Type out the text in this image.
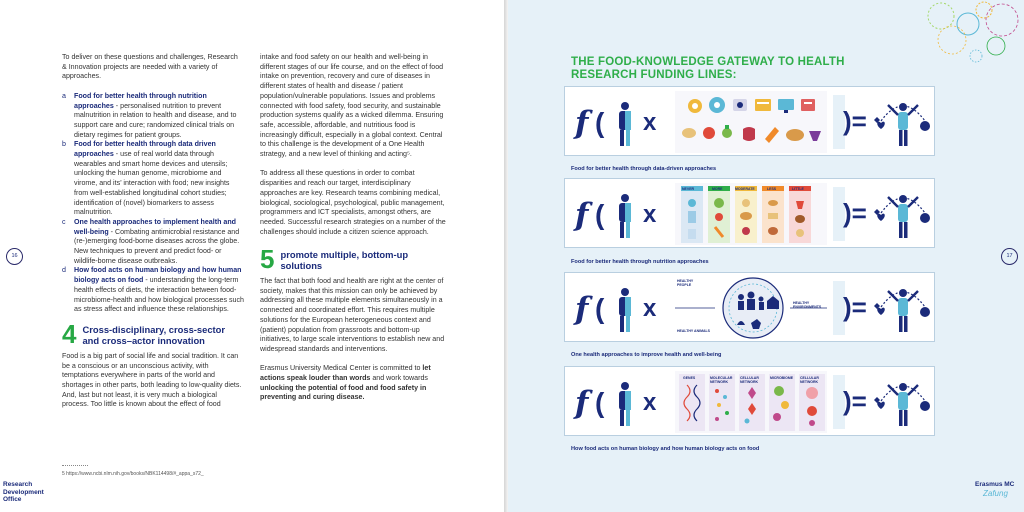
To deliver on these questions and challenges, Research & Innovation projects are needed with a variety of approaches.

a Food for better health through nutrition approaches - personalised nutrition to prevent malnutrition in relation to health and disease, and to support care and cure; randomized clinical trials on dietary regimes for patient groups.
b Food for better health through data driven approaches - use of real world data through wearables and smart home devices and utensils; unlocking the human genome, microbiome and virome, and its’ interaction with food; new insights from well-established longitudinal cohort studies; identification of (novel) biomarkers to assess malnutrition.
c One health approaches to implement health and well-being - Combating antimicrobial resistance and (re-)emerging food-borne diseases across the globe. New techniques to prevent and predict food- or wildlife-borne disease outbreaks.
d How food acts on human biology and how human biology acts on food - understanding the long-term health effects of diets, the interaction between food-microbiome-health and how biological processes such as stress affect and influence these relationships.
4 Cross-disciplinary, cross-sector and cross–actor innovation

Food is a big part of social life and social tradition. It can be a conscious or an unconscious activity, with temptations everywhere in parts of the world and shortages in other parts, both leading to low-quality diets. And, last but not least, it is very much a biological process. Too little is known about the effect of food

intake and food safety on our health and well-being in different stages of our life course, and on the effect of food intake on prevention, recovery and cure of diseases in different states of health and disease / patient population/vulnerable populations. Issues and problems connected with food safety, food security, and sustainable production systems qualify as a wicked dilemma. Ensuring safe, accessible, affordable, and nutritious food is increasingly difficult, especially in a global context. Central to this challenge is the development of a One Health strategy, and a new level of thinking and acting⁵.

To address all these questions in order to combat disparities and reach our target, interdisciplinary approaches are key. Research teams combining medical, biological, sociological, psychological, public management, programmers and ICT specialists, amongst others, are needed. Successful research strategies on a number of the challenges should include a citizen science approach.

5 promote multiple, bottom-up solutions

The fact that both food and health are right at the center of society, makes that this mission can only be achieved by addressing all these multiple elements simultaneously in a connected and coordinated effort. This requires multiple solutions for the European heterogeneous context and (patient) population from grassroots and bottom-up initiatives, to large scale interventions to establish new and widespread standards and interventions.

Erasmus University Medical Center is committed to let actions speak louder than words and work towards unlocking the potential of food and food safety in preventing and curing disease.

5 https://www.ncbi.nlm.nih.gov/books/NBK114498/#_appa_s72_
16
Research
Development
Office
THE FOOD-KNOWLEDGE GATEWAY TO HEALTH RESEARCH FUNDING LINES:
f ( x	)=
Food for better health through data-driven approaches
f ( x
NEVER	MORE	MODERATE	LESS	LITTLE
)=
Food for better health through nutrition approaches
f ( x
HEALTHY PEOPLE
HEALTHY ENVIRONMENTS
HEALTHY ANIMALS
)=
One health approaches to improve health and well-being
f ( x
GENES	MOLECULAR NETWORK
CELLULAR NETWORK
MICROBIOME CELLULAR NETWORK
)=
How food acts on human biology and how human biology acts on food
17
Erasmus MC
Zafung
